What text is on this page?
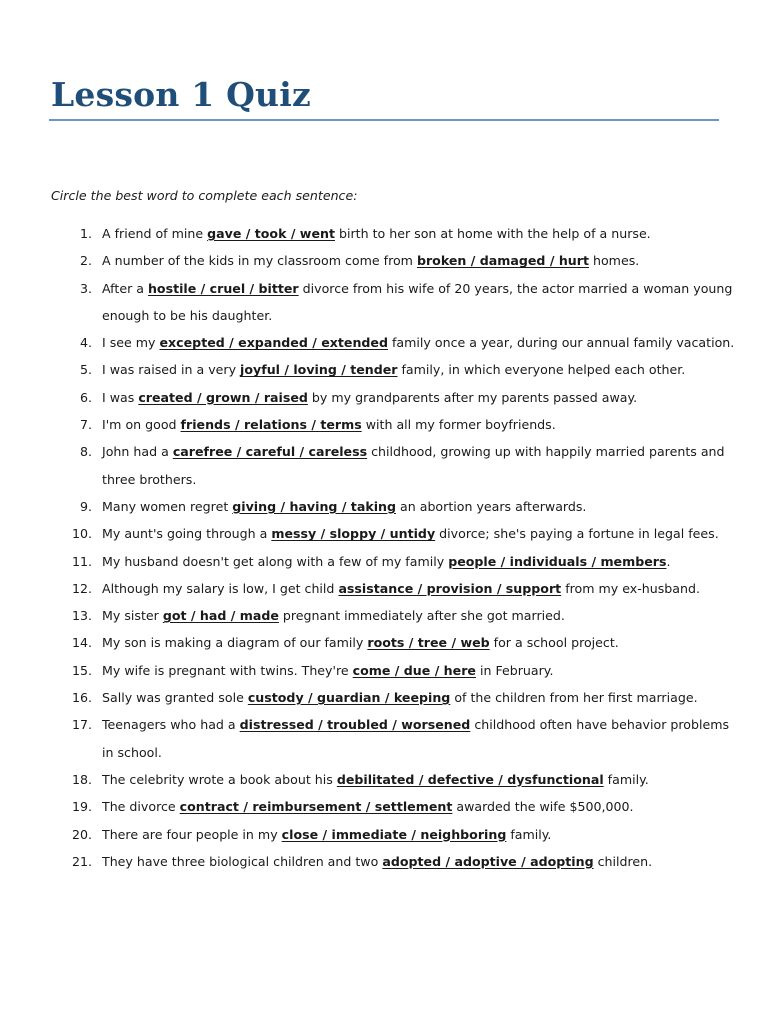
Lesson 1 Quiz

Circle the best word to complete each sentence:

1. A friend of mine gave / took / went birth to her son at home with the help of a nurse.
2. A number of the kids in my classroom come from broken / damaged / hurt homes.
3. After a hostile / cruel / bitter divorce from his wife of 20 years, the actor married a woman young enough to be his daughter.
4. I see my excepted / expanded / extended family once a year, during our annual family vacation.
5. I was raised in a very joyful / loving / tender family, in which everyone helped each other.
6. I was created / grown / raised by my grandparents after my parents passed away.
7. I'm on good friends / relations / terms with all my former boyfriends.
8. John had a carefree / careful / careless childhood, growing up with happily married parents and three brothers.
9. Many women regret giving / having / taking an abortion years afterwards.
10. My aunt's going through a messy / sloppy / untidy divorce; she's paying a fortune in legal fees.
11. My husband doesn't get along with a few of my family people / individuals / members.
12. Although my salary is low, I get child assistance / provision / support from my ex-husband.
13. My sister got / had / made pregnant immediately after she got married.
14. My son is making a diagram of our family roots / tree / web for a school project.
15. My wife is pregnant with twins. They're come / due / here in February.
16. Sally was granted sole custody / guardian / keeping of the children from her first marriage.
17. Teenagers who had a distressed / troubled / worsened childhood often have behavior problems in school.
18. The celebrity wrote a book about his debilitated / defective / dysfunctional family.
19. The divorce contract / reimbursement / settlement awarded the wife $500,000.
20. There are four people in my close / immediate / neighboring family.
21. They have three biological children and two adopted / adoptive / adopting children.
